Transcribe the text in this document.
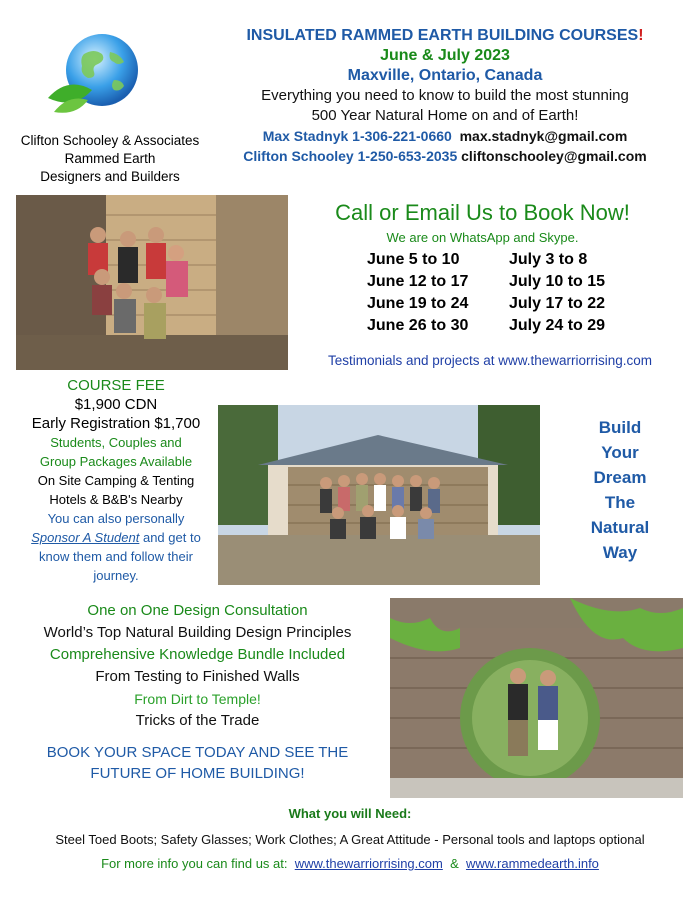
INSULATED RAMMED EARTH BUILDING COURSES!
June & July 2023
Maxville, Ontario, Canada
Everything you need to know to build the most stunning
500 Year Natural Home on and of Earth!
Max Stadnyk 1-306-221-0660 max.stadnyk@gmail.com
Clifton Schooley 1-250-653-2035 cliftonschooley@gmail.com
Clifton Schooley & Associates
Rammed Earth
Designers and Builders
Call or Email Us to Book Now!
We are on WhatsApp and Skype.
June 5 to 10	July 3 to 8
June 12 to 17	July 10 to 15
June 19 to 24	July 17 to 22
June 26 to 30	July 24 to 29
Testimonials and projects at www.thewarriorrising.com
COURSE FEE
$1,900 CDN
Early Registration $1,700
Students, Couples and
Group Packages Available
On Site Camping & Tenting
Hotels & B&B's Nearby
You can also personally
Sponsor A Student and get to
know them and follow their
journey.
Build
Your
Dream
The
Natural
Way
One on One Design Consultation
World’s Top Natural Building Design Principles
Comprehensive Knowledge Bundle Included
From Testing to Finished Walls
From Dirt to Temple!
Tricks of the Trade
BOOK YOUR SPACE TODAY AND SEE THE
FUTURE OF HOME BUILDING!
What you will Need:
Steel Toed Boots; Safety Glasses; Work Clothes; A Great Attitude - Personal tools and laptops optional
For more info you can find us at: www.thewarriorrising.com & www.rammedearth.info
